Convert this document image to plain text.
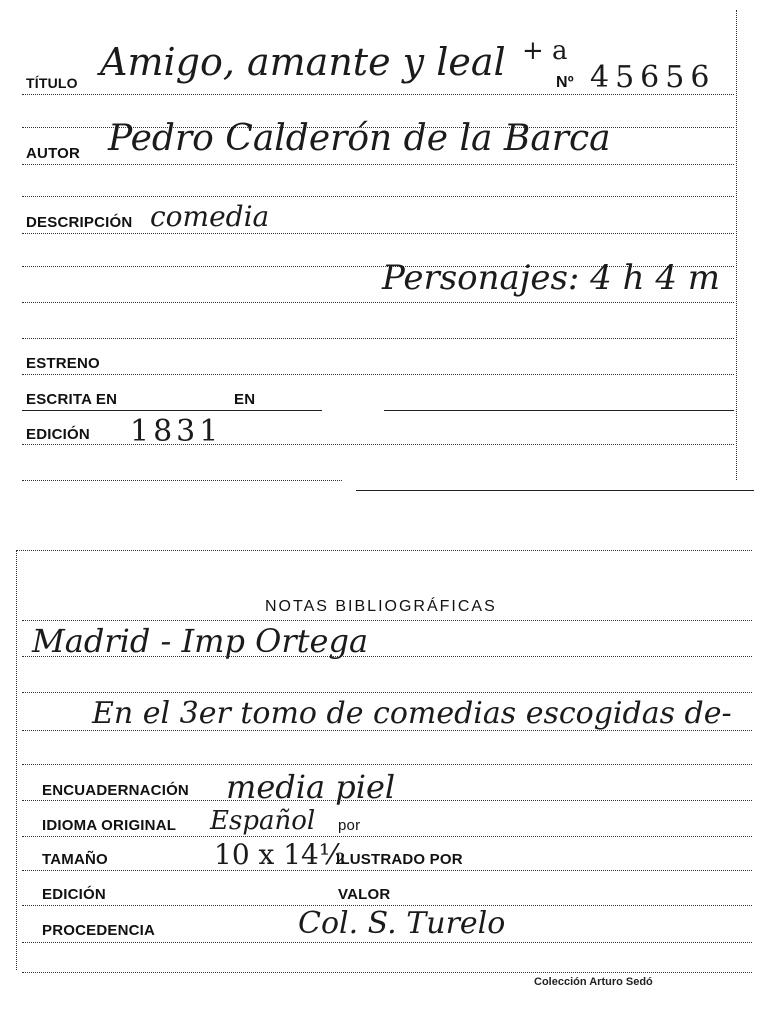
TÍTULO Amigo, amante y leal + a
Nº 45656
AUTOR Pedro Calderón de la Barca
DESCRIPCIÓN comedia
Personajes: 4 h 4 m
ESTRENO
ESCRITA EN	EN
EDICIÓN 1831
NOTAS BIBLIOGRÁFICAS
Madrid - Imp Ortega
En el 3er tomo de comedias escogidas de-
ENCUADERNACIÓN media piel
IDIOMA ORIGINAL Español por
TAMAÑO	10 x 14½
ILUSTRADO POR
EDICIÓN	VALOR
PROCEDENCIA	Col. S. Turelo
Colección Arturo Sedó
